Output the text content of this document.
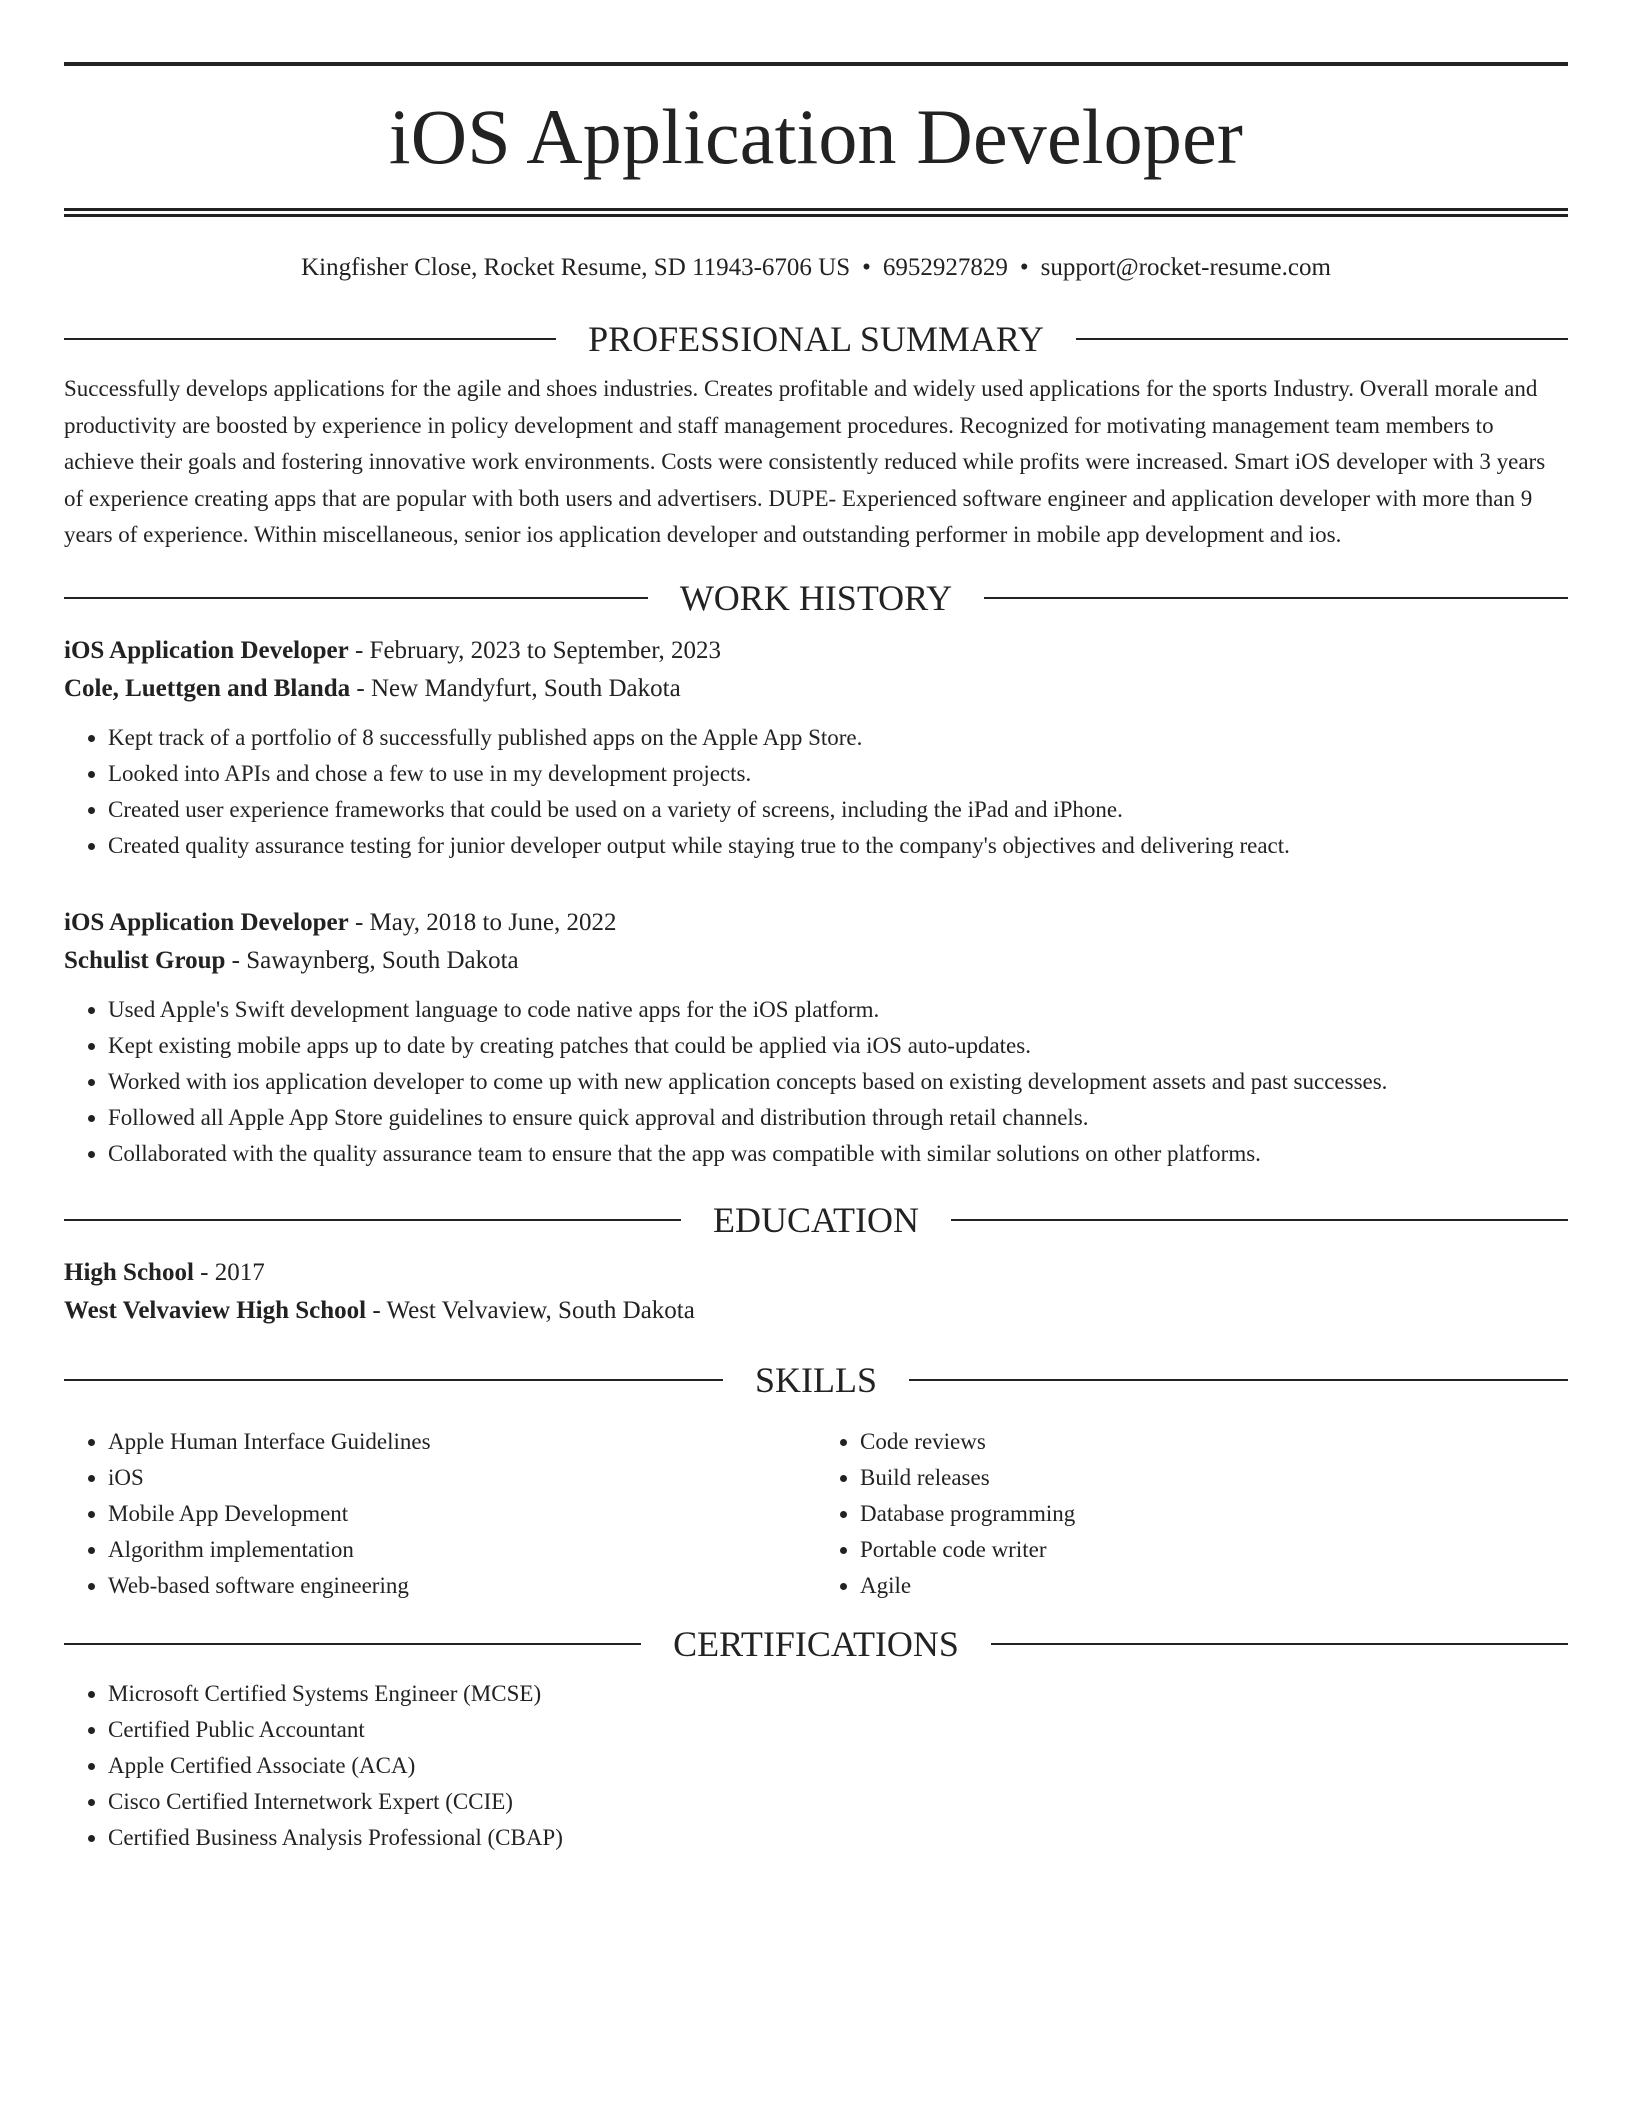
iOS Application Developer
Kingfisher Close, Rocket Resume, SD 11943-6706 US • 6952927829 • support@rocket-resume.com
PROFESSIONAL SUMMARY

Successfully develops applications for the agile and shoes industries. Creates profitable and widely used applications for the sports Industry. Overall morale and productivity are boosted by experience in policy development and staff management procedures. Recognized for motivating management team members to achieve their goals and fostering innovative work environments. Costs were consistently reduced while profits were increased. Smart iOS developer with 3 years of experience creating apps that are popular with both users and advertisers. DUPE- Experienced software engineer and application developer with more than 9 years of experience. Within miscellaneous, senior ios application developer and outstanding performer in mobile app development and ios.

WORK HISTORY
iOS Application Developer - February, 2023 to September, 2023
Cole, Luettgen and Blanda - New Mandyfurt, South Dakota
• Kept track of a portfolio of 8 successfully published apps on the Apple App Store.
• Looked into APIs and chose a few to use in my development projects.
• Created user experience frameworks that could be used on a variety of screens, including the iPad and iPhone.
• Created quality assurance testing for junior developer output while staying true to the company's objectives and delivering react.
iOS Application Developer - May, 2018 to June, 2022
Schulist Group - Sawaynberg, South Dakota
• Used Apple's Swift development language to code native apps for the iOS platform.
• Kept existing mobile apps up to date by creating patches that could be applied via iOS auto-updates.
• Worked with ios application developer to come up with new application concepts based on existing development assets and past successes.
• Followed all Apple App Store guidelines to ensure quick approval and distribution through retail channels.
• Collaborated with the quality assurance team to ensure that the app was compatible with similar solutions on other platforms.
EDUCATION
High School - 2017
West Velvaview High School - West Velvaview, South Dakota
SKILLS
• Apple Human Interface Guidelines
• iOS
• Mobile App Development
• Algorithm implementation
• Web-based software engineering
• Code reviews
• Build releases
• Database programming
• Portable code writer
• Agile
CERTIFICATIONS
• Microsoft Certified Systems Engineer (MCSE)
• Certified Public Accountant
• Apple Certified Associate (ACA)
• Cisco Certified Internetwork Expert (CCIE)
• Certified Business Analysis Professional (CBAP)
